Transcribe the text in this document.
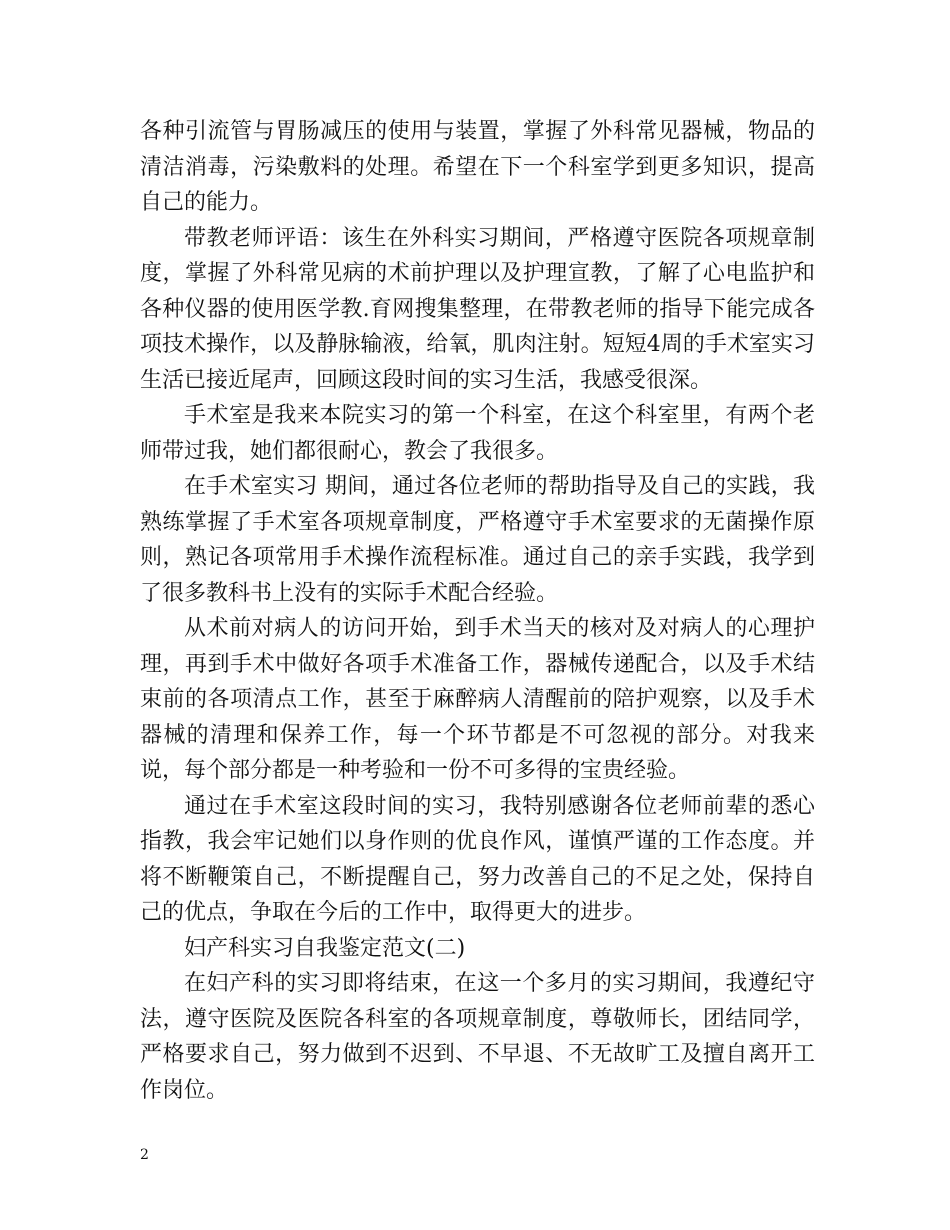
各种引流管与胃肠减压的使用与装置，掌握了外科常见器械，物品的清洁消毒，污染敷料的处理。希望在下一个科室学到更多知识，提高自己的能力。

带教老师评语：该生在外科实习期间，严格遵守医院各项规章制度，掌握了外科常见病的术前护理以及护理宣教，了解了心电监护和各种仪器的使用医学教.育网搜集整理，在带教老师的指导下能完成各项技术操作，以及静脉输液，给氧，肌肉注射。短短4周的手术室实习生活已接近尾声，回顾这段时间的实习生活，我感受很深。

手术室是我来本院实习的第一个科室，在这个科室里，有两个老师带过我，她们都很耐心，教会了我很多。

在手术室实习 期间，通过各位老师的帮助指导及自己的实践，我熟练掌握了手术室各项规章制度，严格遵守手术室要求的无菌操作原则，熟记各项常用手术操作流程标准。通过自己的亲手实践，我学到了很多教科书上没有的实际手术配合经验。

从术前对病人的访问开始，到手术当天的核对及对病人的心理护理，再到手术中做好各项手术准备工作，器械传递配合，以及手术结束前的各项清点工作，甚至于麻醉病人清醒前的陪护观察，以及手术器械的清理和保养工作，每一个环节都是不可忽视的部分。对我来说，每个部分都是一种考验和一份不可多得的宝贵经验。

通过在手术室这段时间的实习，我特别感谢各位老师前辈的悉心指教，我会牢记她们以身作则的优良作风，谨慎严谨的工作态度。并将不断鞭策自己，不断提醒自己，努力改善自己的不足之处，保持自己的优点，争取在今后的工作中，取得更大的进步。

妇产科实习自我鉴定范文(二)

在妇产科的实习即将结束，在这一个多月的实习期间，我遵纪守法，遵守医院及医院各科室的各项规章制度，尊敬师长，团结同学，严格要求自己，努力做到不迟到、不早退、不无故旷工及擅自离开工作岗位。

2
